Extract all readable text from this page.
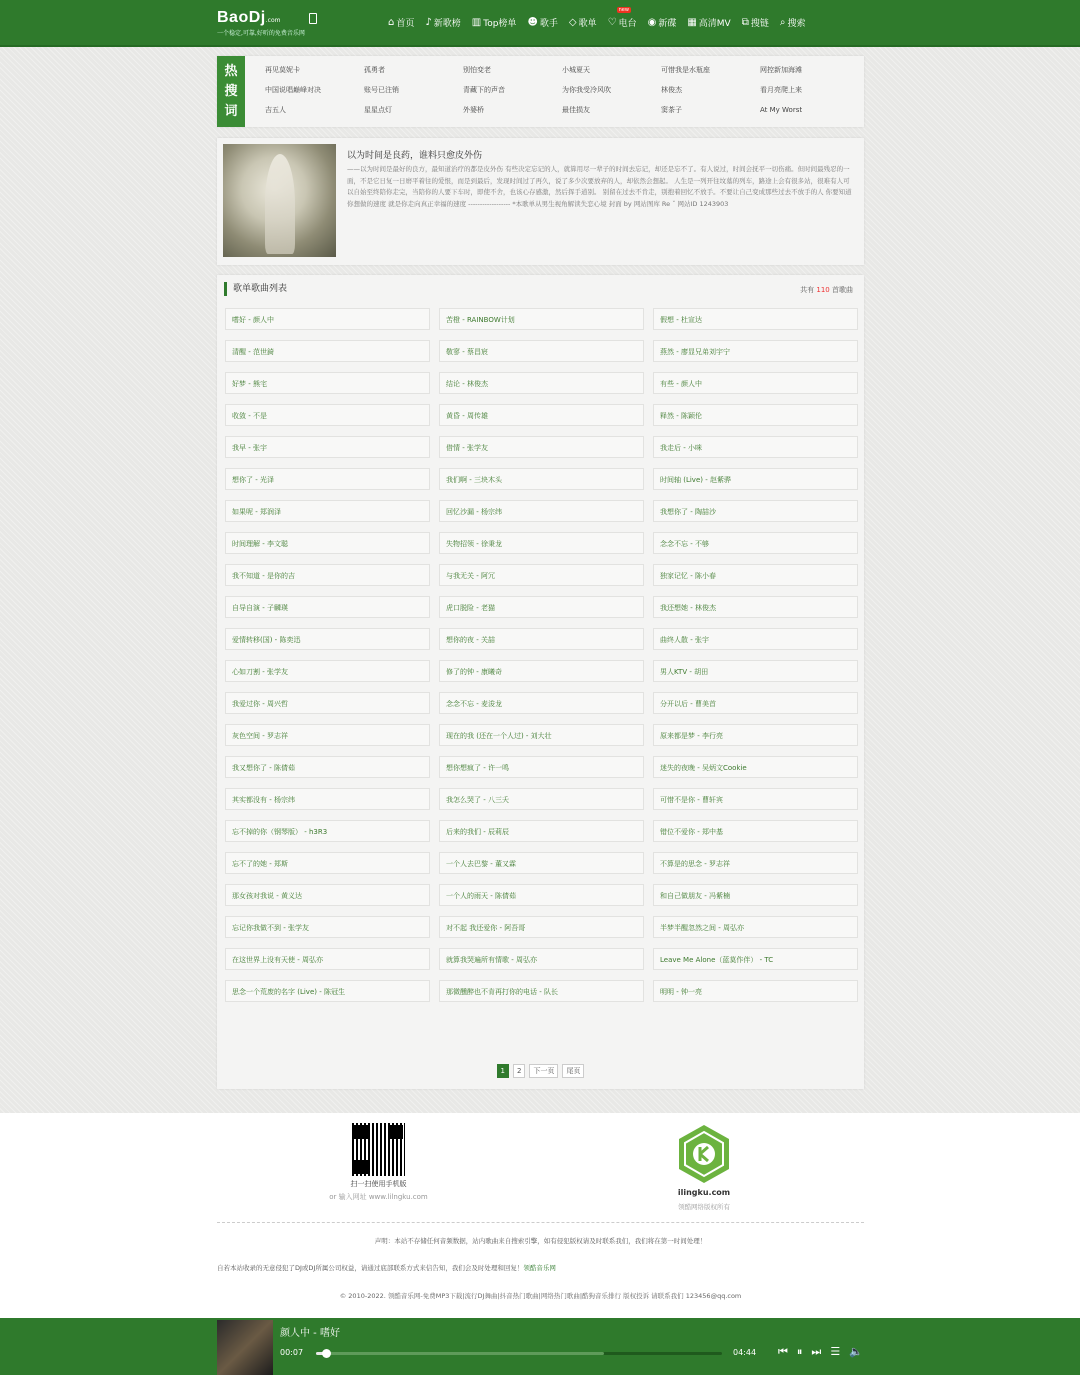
BaoDj.com
一个稳定,可靠,好听的免费音乐网
⌂ 首页 ♪ 新歌榜 ▥ Top榜单 ☻ 歌手 ◇ 歌单 ♡ 电台
new
◉ 新碟 ▦ 高清MV ⧉ 搜链 ⌕ 搜索
热
搜
词
再见莫妮卡	孤勇者	别怕变老	小城夏天	可惜我是水瓶座	网控新加海滩
中国说唱巅峰对决	账号已注销	青藏下的声音	为你我受冷风吹	林俊杰	看月亮爬上来
吉五人	星星点灯	外婆桥	最佳损友	窦茶子	At My Worst
以为时间是良药，谁料只愈皮外伤
——以为时间是最好的良方，最知道治疗的都是皮外伤 有些决定忘记的人，就算用尽一辈子的时间去忘记，却还是忘不了。有人说过，时间会抚平一切伤痛。但时间最残忍的一面，不是它日复一日磨平着往的爱恨，而是到最后，发现时间过了再久，说了多少次要放弃的人，却依然会想起。 人生是一列开往坟墓的列车，路途上会有很多站，很难有人可以自始至终陪你走完，当陪你的人要下车时，即使不舍，也该心存感激，然后挥手道别。 别留在过去不肯走，别抱着回忆不放手。不要让自己变成那些过去不放手的人 你要知道你想做的速度 就是你走向真正幸福的速度 ------------------ *本歌单从男生视角解读失恋心境 封面 by 网站图库 Re ˇ 网站ID 1243903
歌单歌曲列表	共有 110 首歌曲
嗜好 - 颜人中	苦橙 - RAINBOW计划	假想 - 杜宣达
清醒 - 范世錡	敬寥 - 蔡昌宸	燕然 - 廖显兄弟刘宇宁
好梦 - 熊宅	结论 - 林俊杰	有些 - 颜人中
收敛 - 不是	黄昏 - 周传雄	释然 - 陈颖伦
我早 - 张宇	借情 - 张学友	我走后 - 小咪
想你了 - 光泽	我们啊 - 三块木头	时间轴 (Live) - 赵紫骅
如果呢 - 郑润泽	回忆沙漏 - 杨宗纬	我想你了 - 陶喆沙
时间理解 - 李文聪	失物招领 - 徐秉龙	念念不忘 - 不够
我不知道 - 是你的吉	与我无关 - 阿冗	独家记忆 - 陈小春
自导自演 - 子麟瑛	虎口脱险 - 老猫	我还想她 - 林俊杰
爱情转移(国) - 陈奕迅	想你的夜 - 关喆	曲终人散 - 张宇
心如刀割 - 张学友	修了的钟 - 康曦奇	男人KTV - 胡田
我爱过你 - 周兴哲	念念不忘 - 麦浚龙	分开以后 - 曹美首
灰色空间 - 罗志祥	现在的我 (还在一个人过) - 刘大壮	原来都是梦 - 李行亮
我又想你了 - 陈倩茹	想你想疯了 - 许一鸣	迷失的夜晚 - 吴炳文Cookie
其实都没有 - 杨宗纬	我怎么哭了 - 八三夭	可惜不是你 - 曹轩宾
忘不掉的你（钢琴版） - h3R3	后来的我们 - 辰莉辰	错位不爱你 - 郑中基
忘不了的她 - 郑斯	一个人去巴黎 - 董又霖	不算是的思念 - 罗志祥
那女孩对我说 - 黄义达	一个人的雨天 - 陈倩茹	和自己做朋友 - 冯紫楠
忘记你我做不到 - 张学友	对不起 我还爱你 - 阿吾哥	半梦半醒忽然之间 - 周弘亦
在这世界上没有天使 - 周弘亦	就算我哭遍所有情歌 - 周弘亦	Leave Me Alone（蓝莫作伴） - TC
思念一个荒废的名字 (Live) - 陈冠生	那微醺醉也不肯再打你的电话 - 队长	明明 - 钟一亮
1	2	下一页	尾页
扫一扫使用手机版
or 输入网址 www.lilngku.com	ilingku.com
领酷网络版权所有
声明：本站不存储任何音频数据，站内歌曲来自搜索引擎，如有侵犯版权请及时联系我们，我们将在第一时间处理！
自若本站收录的无意侵犯了DJ或DJ所属公司权益，请通过底部联系方式来信告知，我们会及时处理和回复！领酷音乐网
© 2010-2022. 领酷音乐网-免费MP3下载|流行DJ舞曲|抖音热门歌曲|网络热门歌曲|酷狗音乐排行 版权投诉 请联系我们 123456@qq.com
颜人中 - 嗜好
00:07	04:44 ⏮ ⏸ ⏭ ☰ 🔈
